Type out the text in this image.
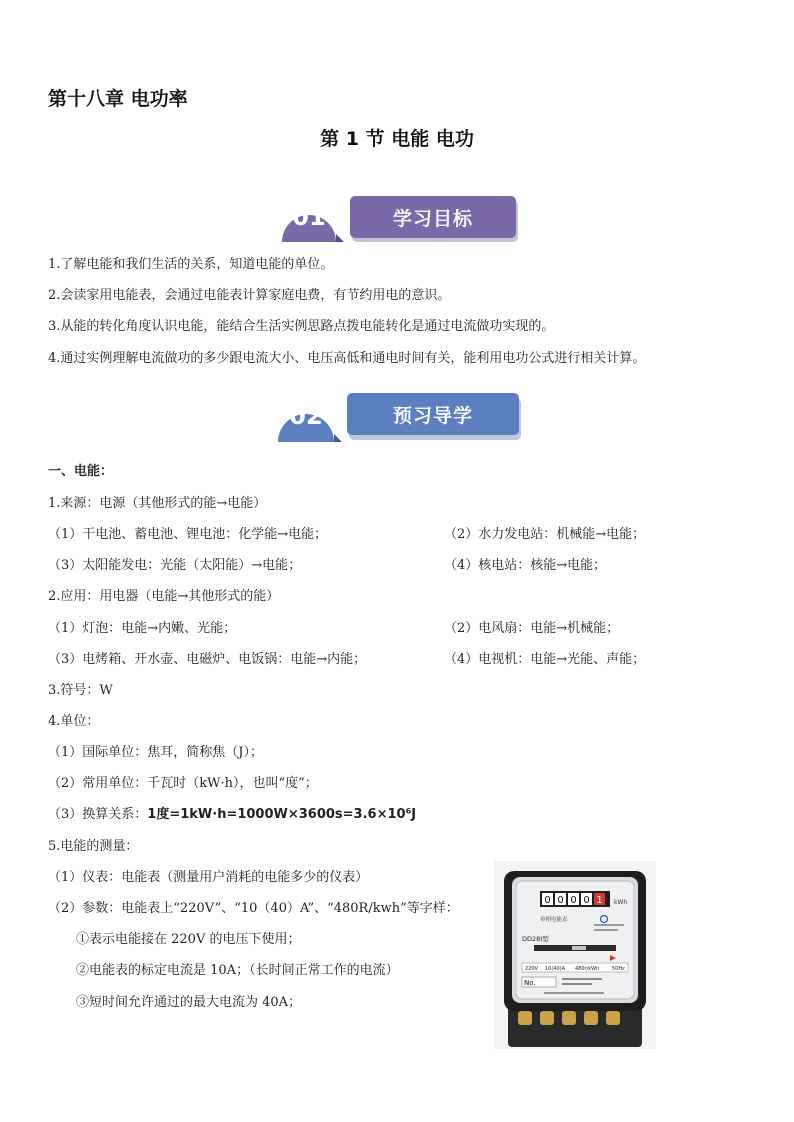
第十八章 电功率
第 1 节 电能 电功
01	学习目标
1.了解电能和我们生活的关系，知道电能的单位。
2.会读家用电能表，会通过电能表计算家庭电费，有节约用电的意识。
3.从能的转化角度认识电能，能结合生活实例思路点拨电能转化是通过电流做功实现的。
4.通过实例理解电流做功的多少跟电流大小、电压高低和通电时间有关，能利用电功公式进行相关计算。
02	预习导学
一、电能：
1.来源：电源（其他形式的能→电能）
（1）干电池、蓄电池、锂电池：化学能→电能；	（2）水力发电站：机械能→电能；
（3）太阳能发电：光能（太阳能）→电能；	（4）核电站：核能→电能；
2.应用：用电器（电能→其他形式的能）
（1）灯泡：电能→内嫩、光能；	（2）电风扇：电能→机械能；
（3）电烤箱、开水壶、电磁炉、电饭锅：电能→内能；	（4）电视机：电能→光能、声能；
3.符号：W
4.单位：
（1）国际单位：焦耳，简称焦（J）；
（2）常用单位：千瓦时（kW·h），也叫“度”；
（3）换算关系：1度=1kW·h=1000W×3600s=3.6×10⁶J
5.电能的测量：
（1）仪表：电能表（测量用户消耗的电能多少的仪表）
（2）参数：电能表上“220V”、“10（40）A”、“480R/kwh”等字样：
①表示电能接在 220V 的电压下使用；
②电能表的标定电流是 10A；（长时间正常工作的电流）
③短时间允许通过的最大电流为 40A；
0 0 0 0 1 kWh
单相电能表
DD28I型
220V 10(40)A 480r/kWh	50Hz
No.
